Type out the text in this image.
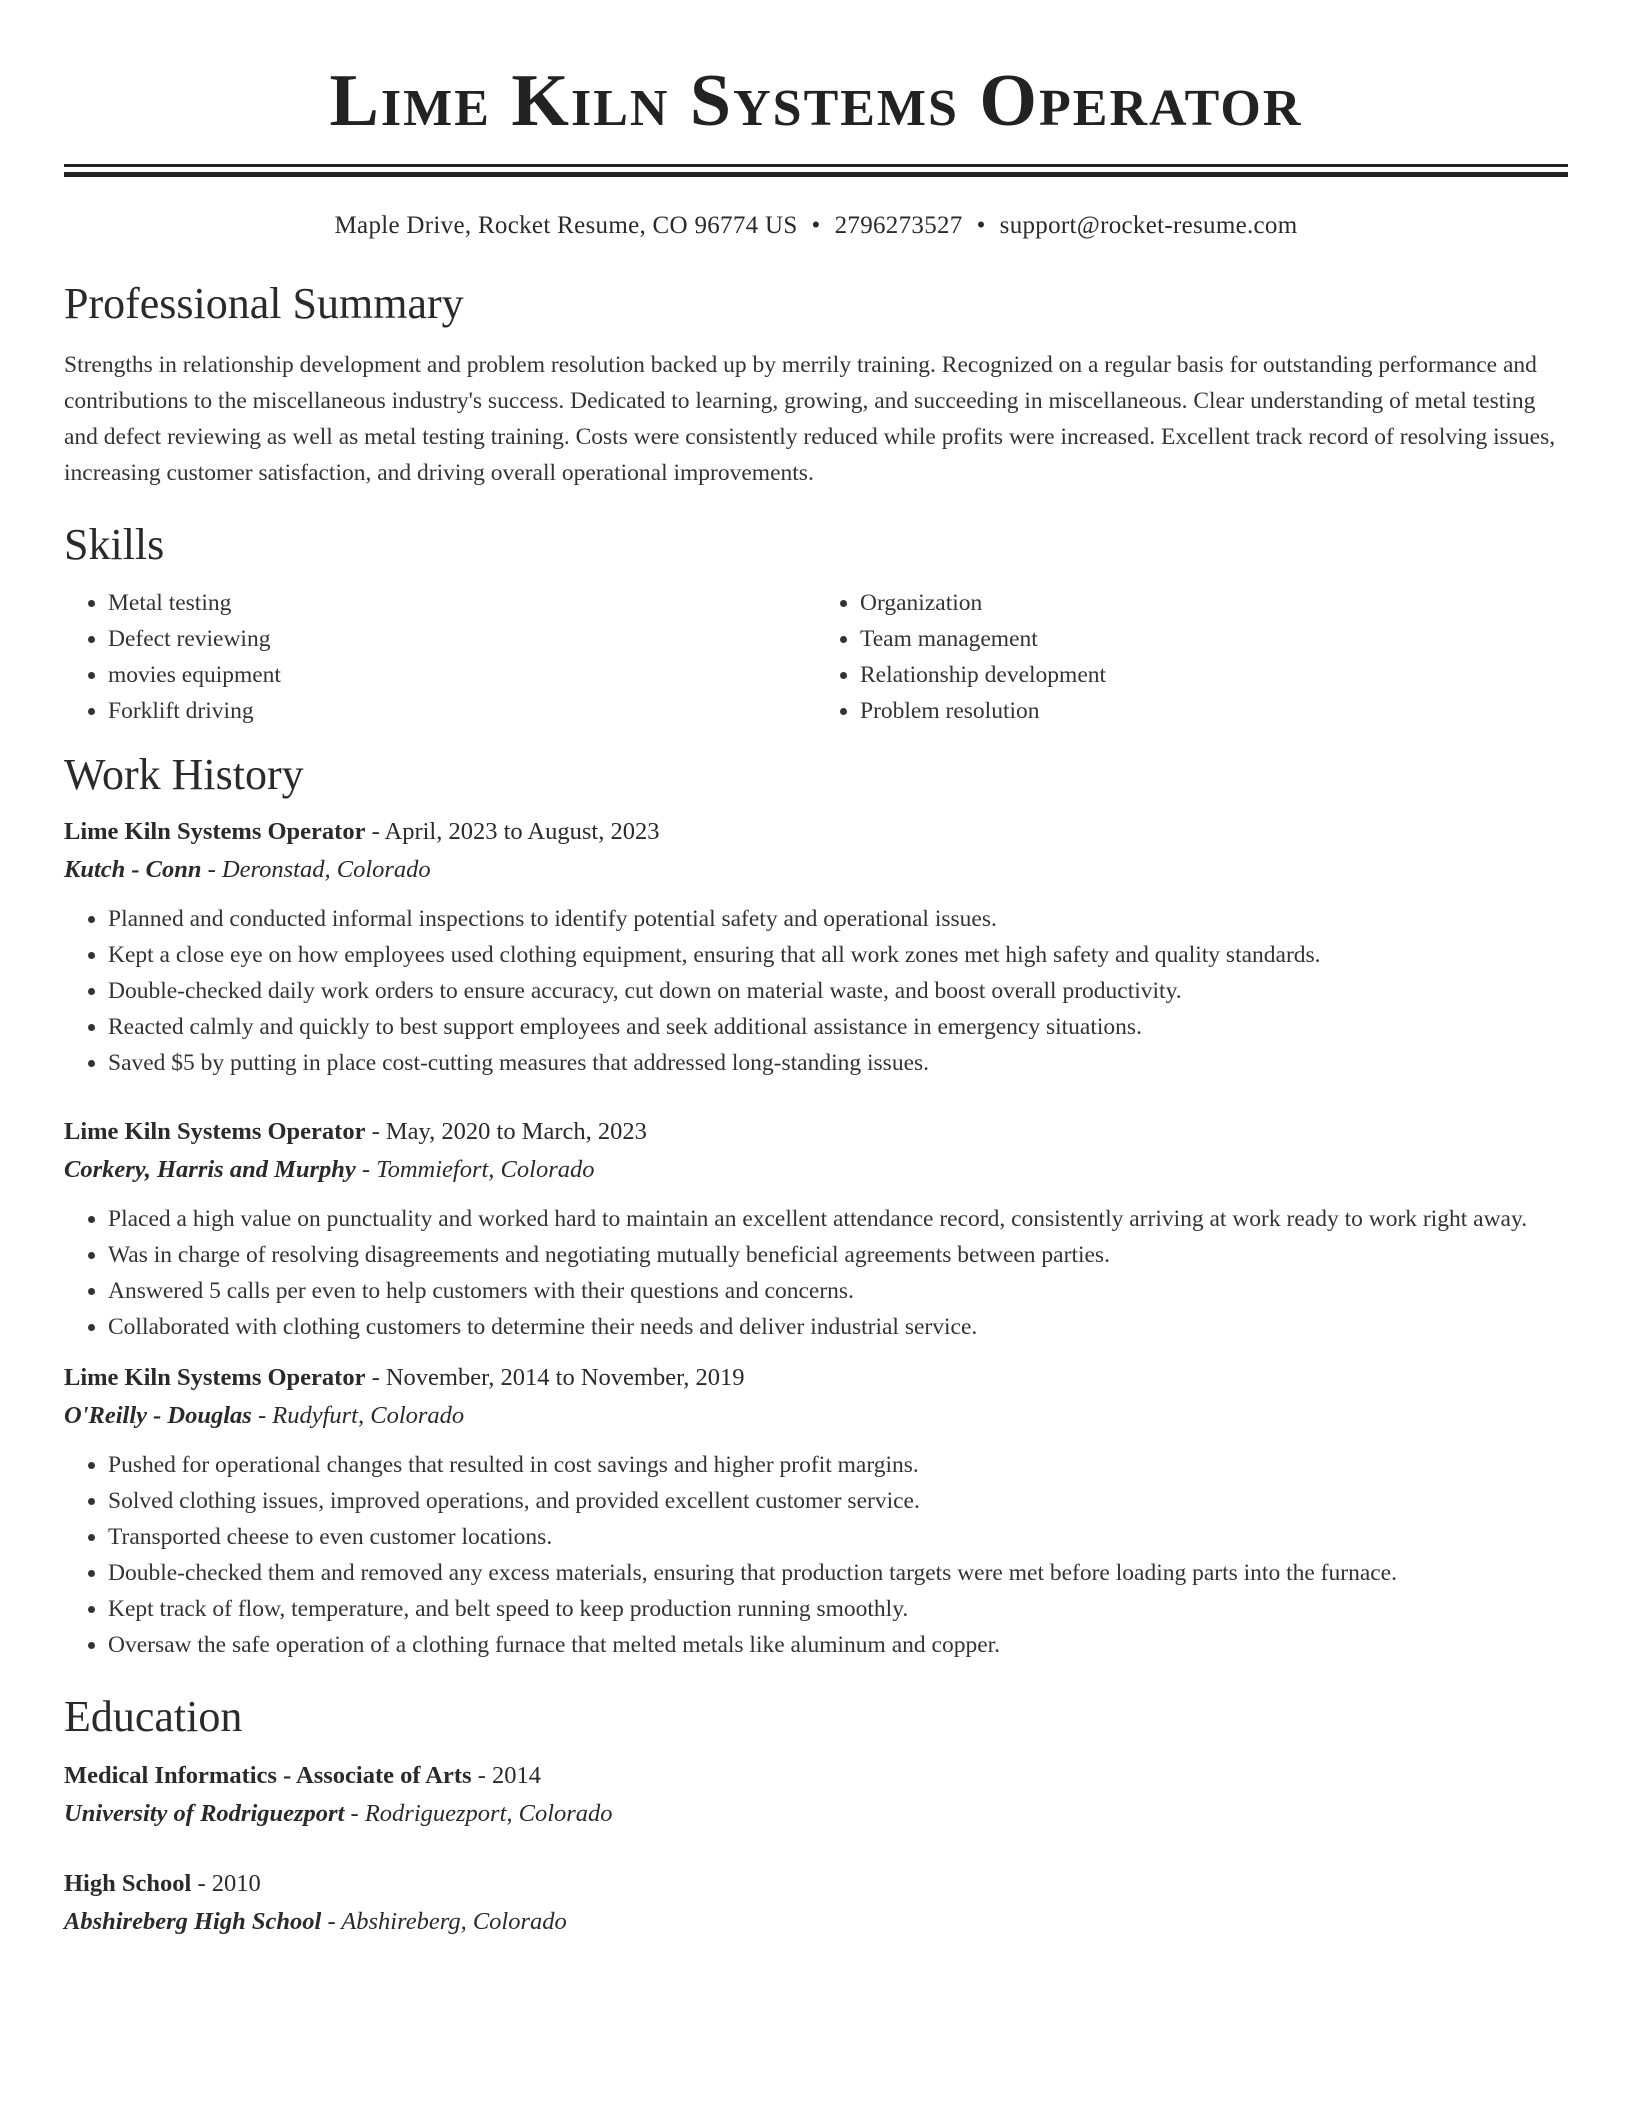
Lime Kiln Systems Operator
Maple Drive, Rocket Resume, CO 96774 US • 2796273527 • support@rocket-resume.com
Professional Summary

Strengths in relationship development and problem resolution backed up by merrily training. Recognized on a regular basis for outstanding performance and contributions to the miscellaneous industry's success. Dedicated to learning, growing, and succeeding in miscellaneous. Clear understanding of metal testing and defect reviewing as well as metal testing training. Costs were consistently reduced while profits were increased. Excellent track record of resolving issues, increasing customer satisfaction, and driving overall operational improvements.

Skills
• Metal testing
• Defect reviewing
• movies equipment
• Forklift driving
• Organization
• Team management
• Relationship development
• Problem resolution
Work History
Lime Kiln Systems Operator - April, 2023 to August, 2023
Kutch - Conn - Deronstad, Colorado
• Planned and conducted informal inspections to identify potential safety and operational issues.
• Kept a close eye on how employees used clothing equipment, ensuring that all work zones met high safety and quality standards.
• Double-checked daily work orders to ensure accuracy, cut down on material waste, and boost overall productivity.
• Reacted calmly and quickly to best support employees and seek additional assistance in emergency situations.
• Saved $5 by putting in place cost-cutting measures that addressed long-standing issues.
Lime Kiln Systems Operator - May, 2020 to March, 2023
Corkery, Harris and Murphy - Tommiefort, Colorado
• Placed a high value on punctuality and worked hard to maintain an excellent attendance record, consistently arriving at work ready to work right away.
• Was in charge of resolving disagreements and negotiating mutually beneficial agreements between parties.
• Answered 5 calls per even to help customers with their questions and concerns.
• Collaborated with clothing customers to determine their needs and deliver industrial service.
Lime Kiln Systems Operator - November, 2014 to November, 2019
O'Reilly - Douglas - Rudyfurt, Colorado
• Pushed for operational changes that resulted in cost savings and higher profit margins.
• Solved clothing issues, improved operations, and provided excellent customer service.
• Transported cheese to even customer locations.
• Double-checked them and removed any excess materials, ensuring that production targets were met before loading parts into the furnace.
• Kept track of flow, temperature, and belt speed to keep production running smoothly.
• Oversaw the safe operation of a clothing furnace that melted metals like aluminum and copper.
Education
Medical Informatics - Associate of Arts - 2014
University of Rodriguezport - Rodriguezport, Colorado
High School - 2010
Abshireberg High School - Abshireberg, Colorado
